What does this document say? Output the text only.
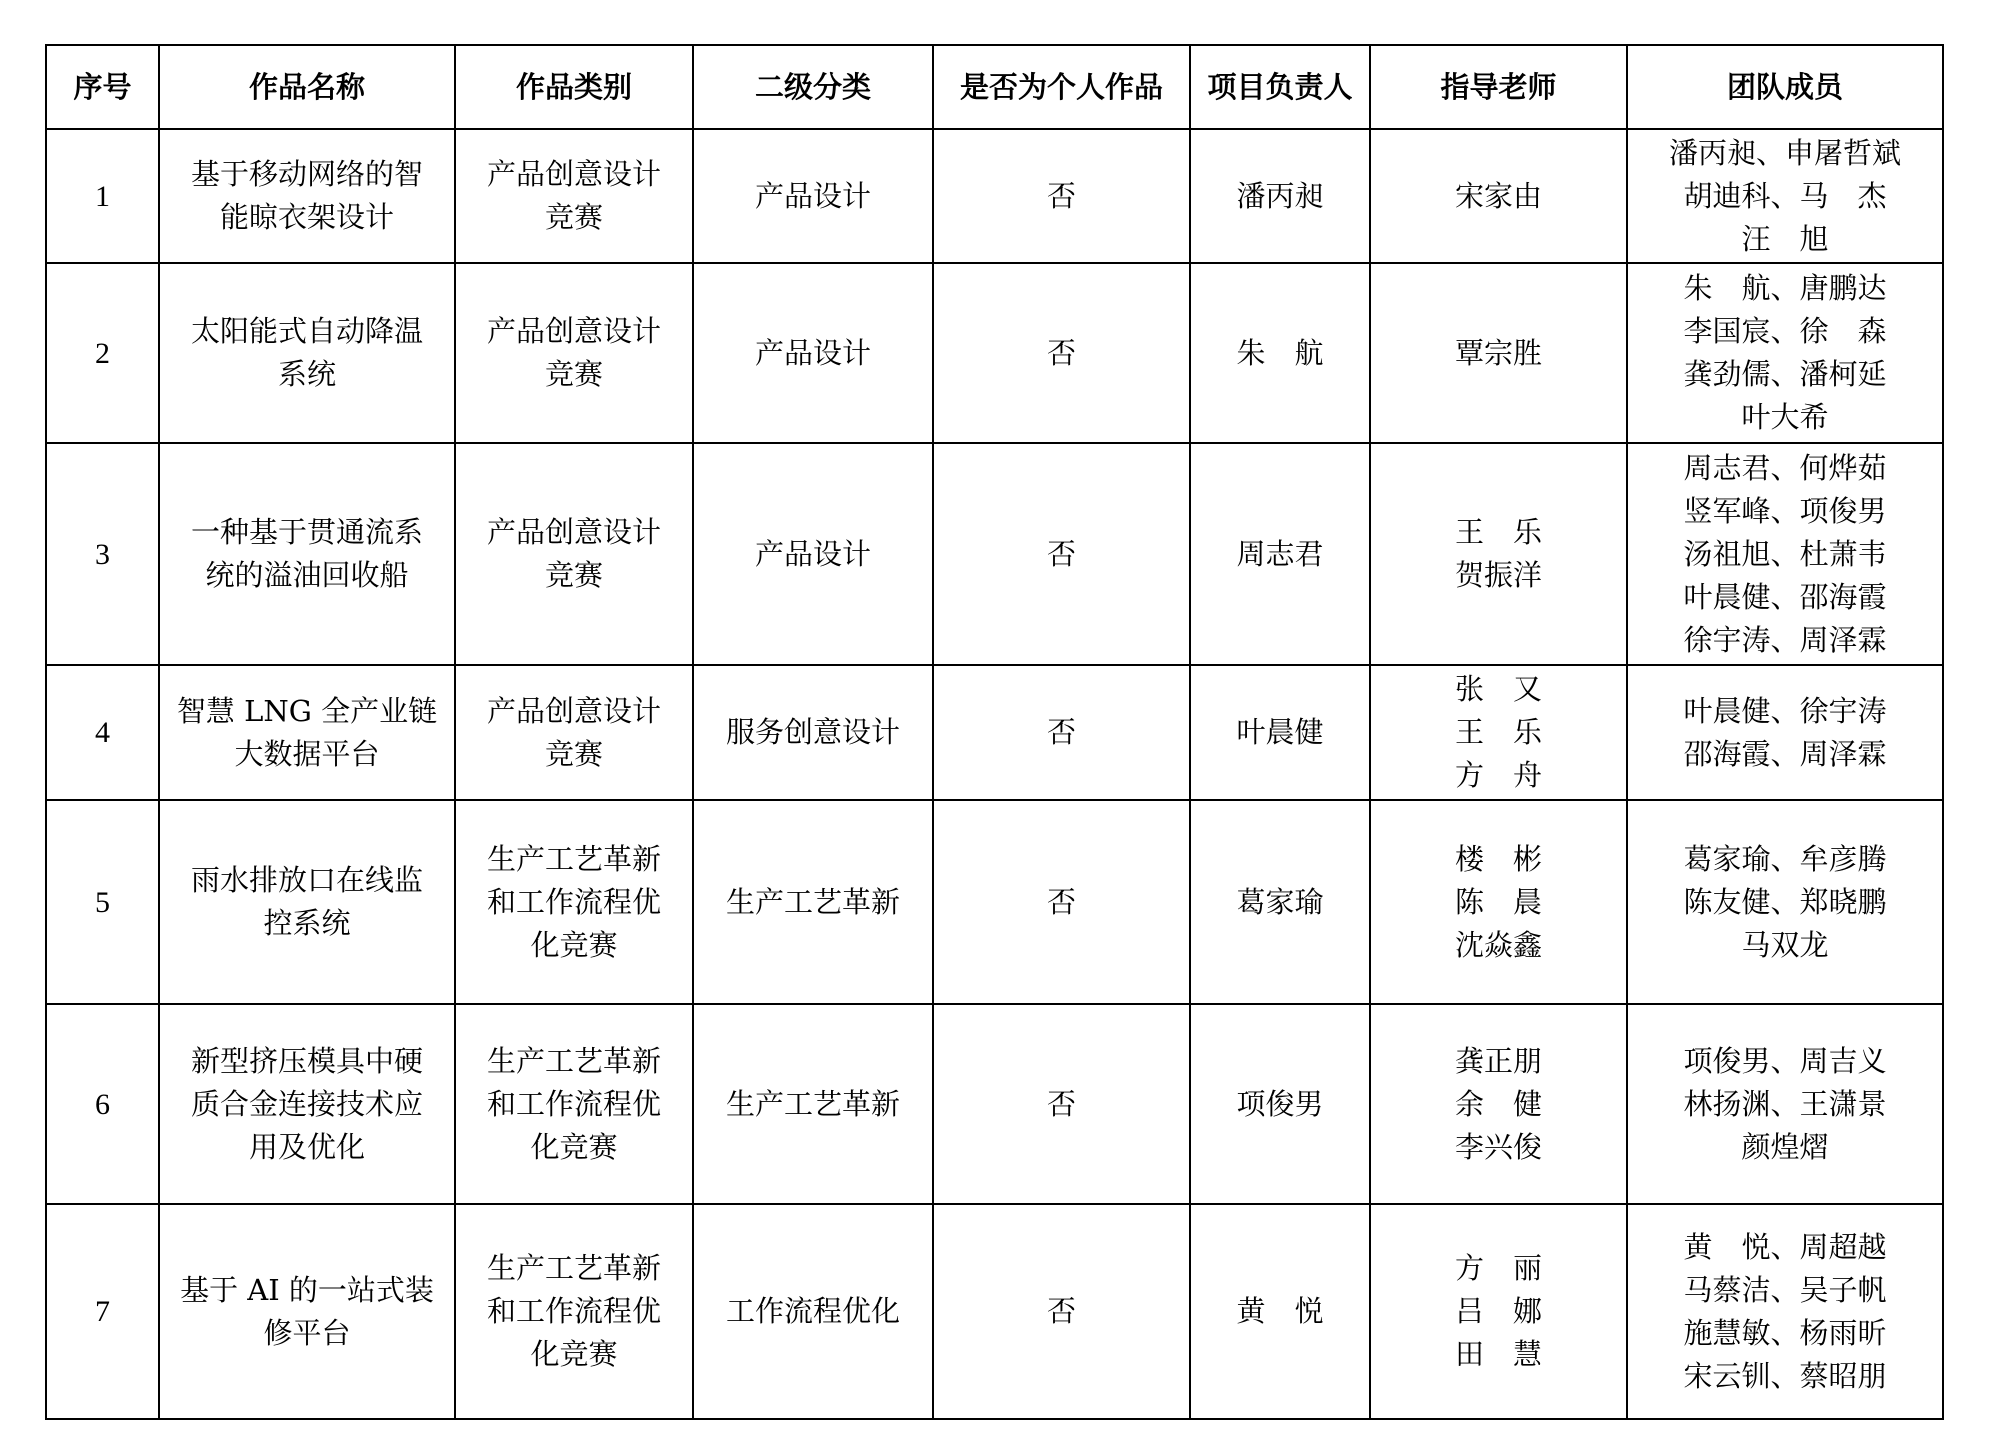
序号	作品名称	作品类别	二级分类	是否为个人作品	项目负责人	指导老师	团队成员

1	基于移动网络的智
能晾衣架设计	产品创意设计
竞赛	产品设计	否	潘丙昶	宋家由	潘丙昶、申屠哲斌
胡迪科、马　杰
汪　旭

2	太阳能式自动降温
系统	产品创意设计
竞赛	产品设计	否	朱　航	覃宗胜	朱　航、唐鹏达
李国宸、徐　森
龚劲儒、潘柯延
叶大希

3	一种基于贯通流系
统的溢油回收船	产品创意设计
竞赛	产品设计	否	周志君	王　乐
贺振洋	周志君、何烨茹
竖军峰、项俊男
汤祖旭、杜萧韦
叶晨健、邵海霞
徐宇涛、周泽霖

4	智慧 LNG 全产业链
大数据平台	产品创意设计
竞赛	服务创意设计	否	叶晨健	张　又
王　乐
方　舟	叶晨健、徐宇涛
邵海霞、周泽霖

5	雨水排放口在线监
控系统	生产工艺革新
和工作流程优
化竞赛	生产工艺革新	否	葛家瑜	楼　彬
陈　晨
沈焱鑫	葛家瑜、牟彦腾
陈友健、郑晓鹏
马双龙

6	新型挤压模具中硬
质合金连接技术应
用及优化	生产工艺革新
和工作流程优
化竞赛	生产工艺革新	否	项俊男	龚正朋
余　健
李兴俊	项俊男、周吉义
林扬渊、王潇景
颜煌熠

7	基于 AI 的一站式装
修平台	生产工艺革新
和工作流程优
化竞赛	工作流程优化	否	黄　悦	方　丽
吕　娜
田　慧	黄　悦、周超越
马蔡洁、吴子帆
施慧敏、杨雨昕
宋云钏、蔡昭朋
